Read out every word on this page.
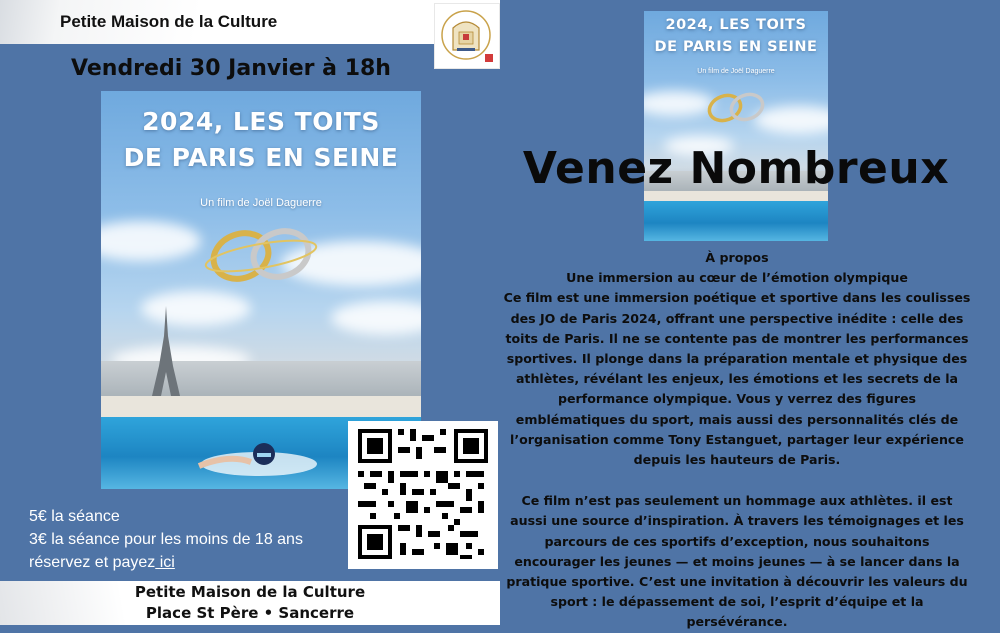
Petite Maison de la Culture
Vendredi 30 Janvier à 18h
2024, LES TOITS
DE PARIS EN SEINE
Un film de Joël Daguerre
2024, LES TOITS
DE PARIS EN SEINE
Un film de Joël Daguerre
5€ la séance
3€ la séance pour les moins de 18 ans
réservez et payez ici
Petite Maison de la Culture
Place St Père • Sancerre
Venez Nombreux

À propos

Une immersion au cœur de l’émotion olympique

Ce film est une immersion poétique et sportive dans les coulisses des JO de Paris 2024, offrant une perspective inédite : celle des toits de Paris. Il ne se contente pas de montrer les performances sportives. Il plonge dans la préparation mentale et physique des athlètes, révélant les enjeux, les émotions et les secrets de la performance olympique. Vous y verrez des figures emblématiques du sport, mais aussi des personnalités clés de l’organisation comme Tony Estanguet, partager leur expérience depuis les hauteurs de Paris.

Ce film n’est pas seulement un hommage aux athlètes. il est aussi une source d’inspiration. À travers les témoignages et les parcours de ces sportifs d’exception, nous souhaitons encourager les jeunes — et moins jeunes — à se lancer dans la pratique sportive. C’est une invitation à découvrir les valeurs du sport : le dépassement de soi, l’esprit d’équipe et la persévérance.
